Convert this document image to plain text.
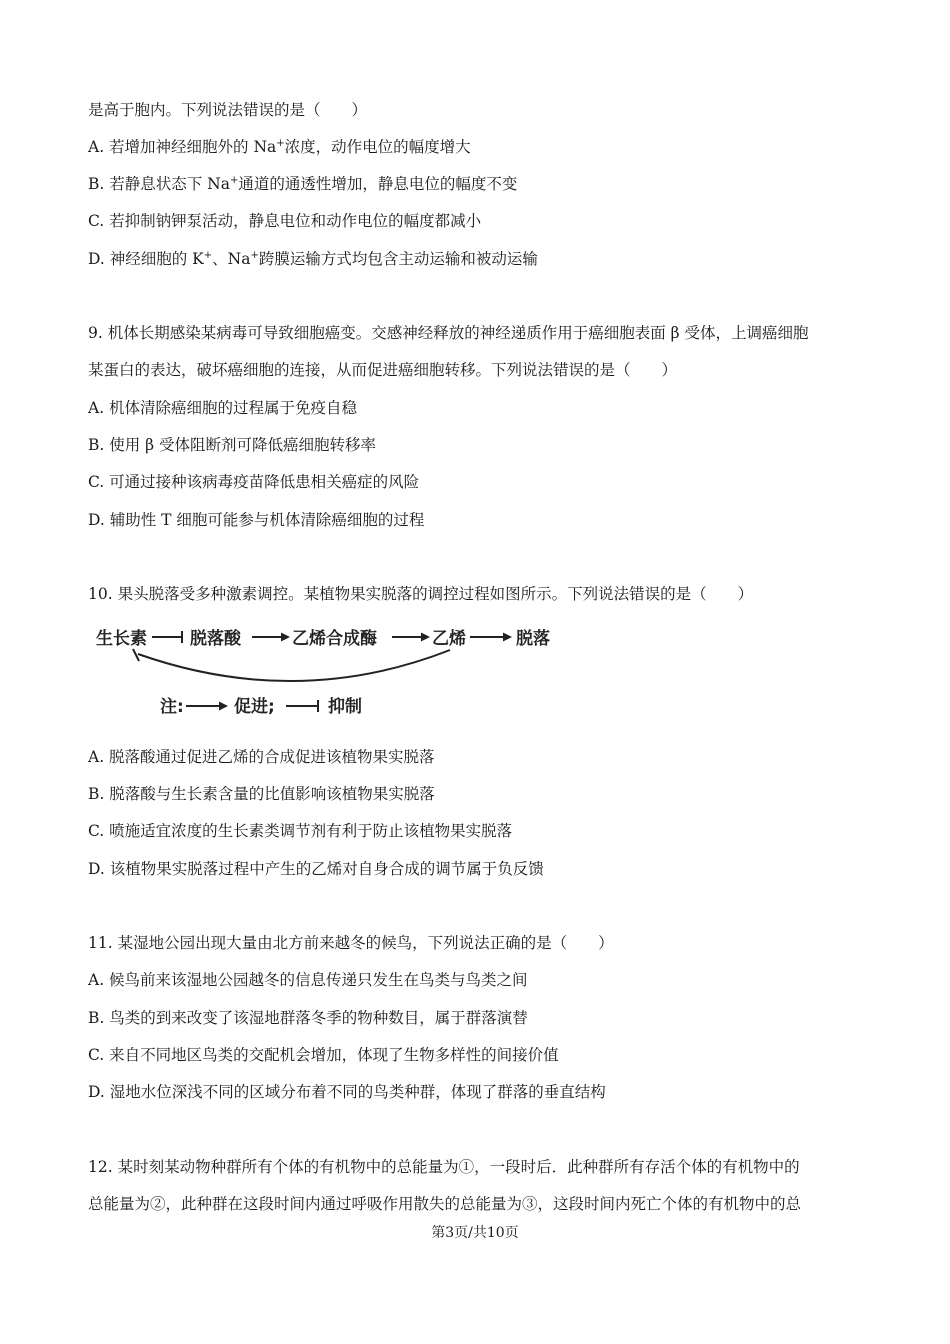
是高于胞内。下列说法错误的是（　　）
A. 若增加神经细胞外的 Na+浓度，动作电位的幅度增大
B. 若静息状态下 Na+通道的通透性增加，静息电位的幅度不变
C. 若抑制钠钾泵活动，静息电位和动作电位的幅度都减小
D. 神经细胞的 K+、Na+跨膜运输方式均包含主动运输和被动运输
9. 机体长期感染某病毒可导致细胞癌变。交感神经释放的神经递质作用于癌细胞表面 β 受体，上调癌细胞
某蛋白的表达，破坏癌细胞的连接，从而促进癌细胞转移。下列说法错误的是（　　）
A. 机体清除癌细胞的过程属于免疫自稳
B. 使用 β 受体阻断剂可降低癌细胞转移率
C. 可通过接种该病毒疫苗降低患相关癌症的风险
D. 辅助性 T 细胞可能参与机体清除癌细胞的过程
10. 果头脱落受多种激素调控。某植物果实脱落的调控过程如图所示。下列说法错误的是（　　）
生长素	脱落酸	乙烯合成酶	乙烯	脱落
注:	促进;	抑制
A. 脱落酸通过促进乙烯的合成促进该植物果实脱落
B. 脱落酸与生长素含量的比值影响该植物果实脱落
C. 喷施适宜浓度的生长素类调节剂有利于防止该植物果实脱落
D. 该植物果实脱落过程中产生的乙烯对自身合成的调节属于负反馈
11. 某湿地公园出现大量由北方前来越冬的候鸟，下列说法正确的是（　　）
A. 候鸟前来该湿地公园越冬的信息传递只发生在鸟类与鸟类之间
B. 鸟类的到来改变了该湿地群落冬季的物种数目，属于群落演替
C. 来自不同地区鸟类的交配机会增加，体现了生物多样性的间接价值
D. 湿地水位深浅不同的区域分布着不同的鸟类种群，体现了群落的垂直结构
12. 某时刻某动物种群所有个体的有机物中的总能量为①，一段时后．此种群所有存活个体的有机物中的
总能量为②，此种群在这段时间内通过呼吸作用散失的总能量为③，这段时间内死亡个体的有机物中的总
第3页/共10页
